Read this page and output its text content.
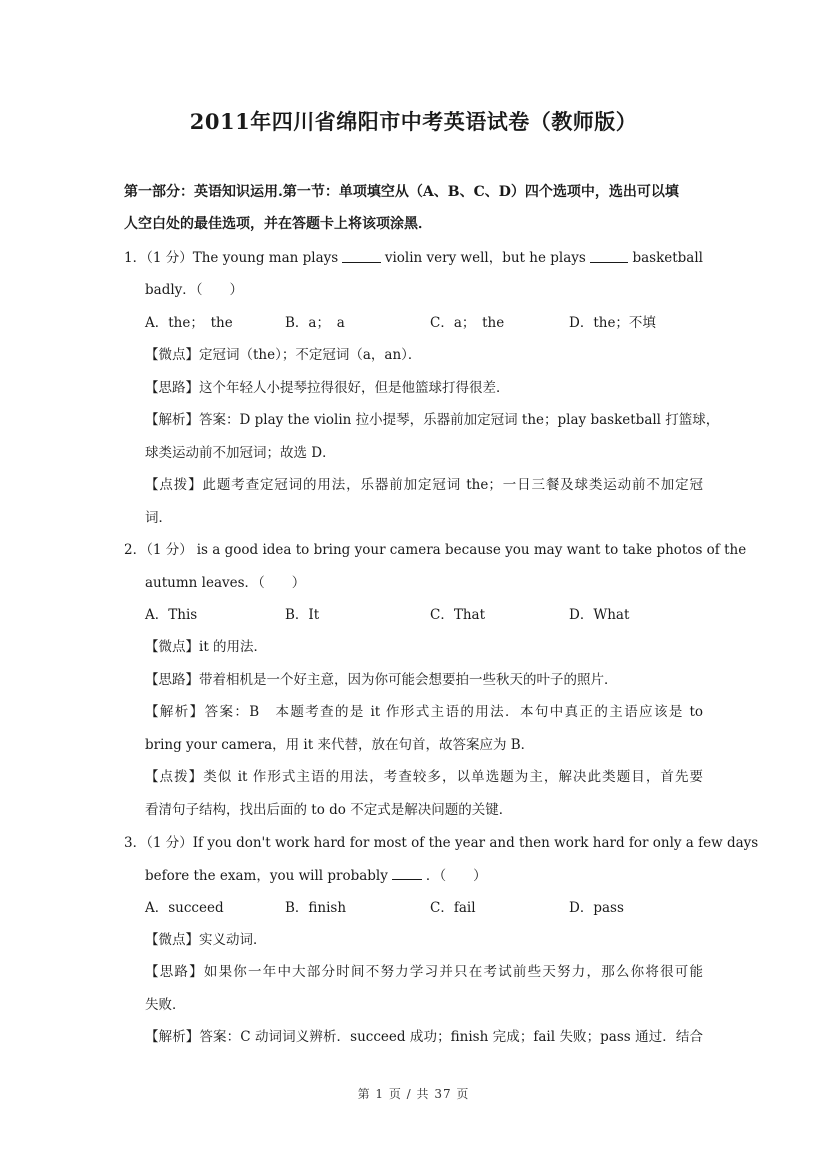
2011年四川省绵阳市中考英语试卷（教师版）
第一部分：英语知识运用.第一节：单项填空从（A、B、C、D）四个选项中，选出可以填
人空白处的最佳选项，并在答题卡上将该项涂黑．
1．（1 分）The young man plays	violin very well，but he plays	basketball
badly．（　　）
A．the；　the	B．a；　a	C．a；　the	D．the；不填
【微点】定冠词（the）；不定冠词（a，an）．
【思路】这个年轻人小提琴拉得很好，但是他篮球打得很差．
【解析】答案：D play the violin 拉小提琴，乐器前加定冠词 the；play basketball 打篮球，
球类运动前不加冠词；故选 D．
【点拨】此题考查定冠词的用法，乐器前加定冠词 the；一日三餐及球类运动前不加定冠
词．
2．（1 分） is a good idea to bring your camera because you may want to take photos of the
autumn leaves．（　　）
A．This	B．It	C．That	D．What
【微点】it 的用法．
【思路】带着相机是一个好主意，因为你可能会想要拍一些秋天的叶子的照片．
【解析】答案：B　本题考查的是 it 作形式主语的用法．本句中真正的主语应该是 to
bring your camera，用 it 来代替，放在句首，故答案应为 B．
【点拨】类似 it 作形式主语的用法，考查较多，以单选题为主，解决此类题目，首先要
看清句子结构，找出后面的 to do 不定式是解决问题的关键．
3．（1 分）If you don't work hard for most of the year and then work hard for only a few days
before the exam，you will probably	．（　　）
A．succeed	B．finish	C．fail	D．pass
【微点】实义动词．
【思路】如果你一年中大部分时间不努力学习并只在考试前些天努力，那么你将很可能
失败．
【解析】答案：C 动词词义辨析．succeed 成功；finish 完成；fail 失败；pass 通过．结合
第 1 页 / 共 37 页
